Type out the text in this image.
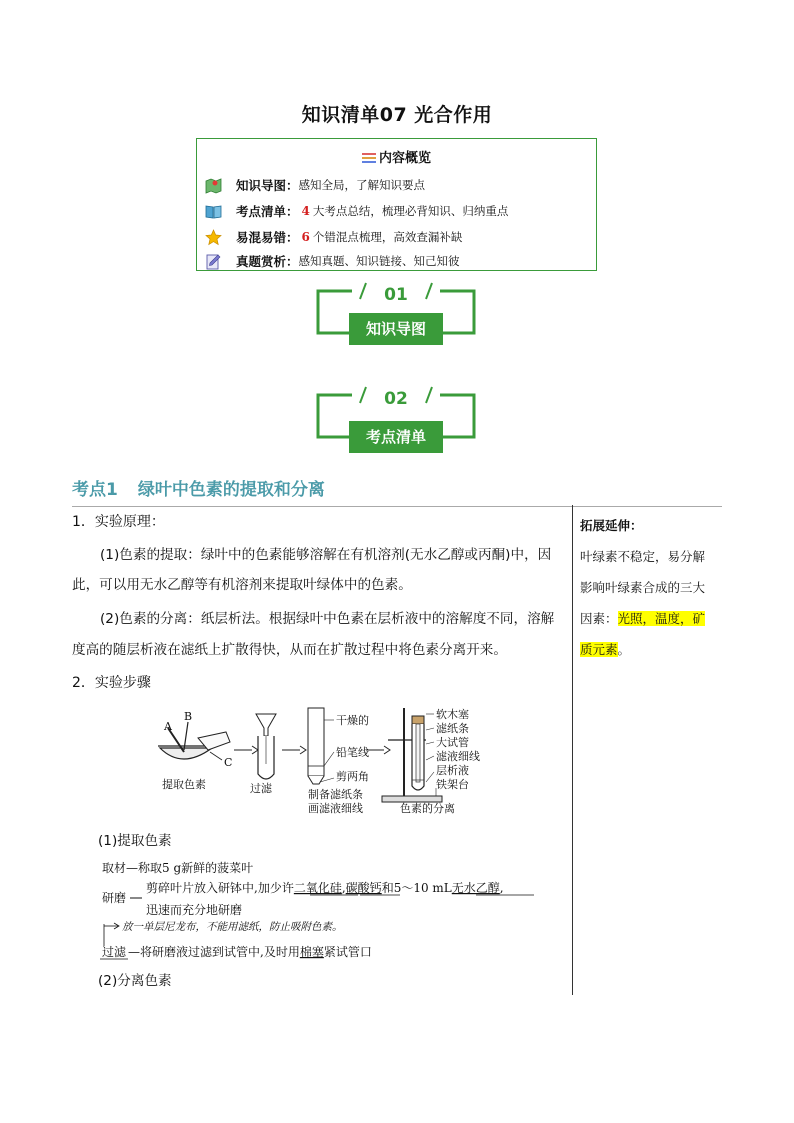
知识清单07 光合作用
内容概览
知识导图： 感知全局，了解知识要点
考点清单： 4 大考点总结，梳理必背知识、归纳重点
易混易错： 6 个错混点梳理，高效查漏补缺
真题赏析： 感知真题、知识链接、知己知彼
01
知识导图
02
考点清单
考点1 绿叶中色素的提取和分离
1．实验原理：
(1)色素的提取：绿叶中的色素能够溶解在有机溶剂(无水乙醇或丙酮)中，因
此，可以用无水乙醇等有机溶剂来提取叶绿体中的色素。
(2)色素的分离：纸层析法。根据绿叶中色素在层析液中的溶解度不同，溶解
度高的随层析液在滤纸上扩散得快，从而在扩散过程中将色素分离开来。
2．实验步骤
A
B
C
提取色素	过滤
干燥的
铅笔线
剪两角
制备滤纸条
画滤液细线
软木塞
滤纸条
大试管
滤液细线
层析液
铁架台
色素的分离
(1)提取色素
取材—称取5 g新鲜的菠菜叶
研磨
剪碎叶片放入研钵中,加少许二氧化硅,碳酸钙和5～10 mL无水乙醇,
迅速而充分地研磨
放一单层尼龙布，不能用滤纸，防止吸附色素。
过滤 —将研磨液过滤到试管中,及时用棉塞紧试管口
(2)分离色素
拓展延伸：
叶绿素不稳定，易分解
影响叶绿素合成的三大
因素：光照，温度，矿
质元素。
